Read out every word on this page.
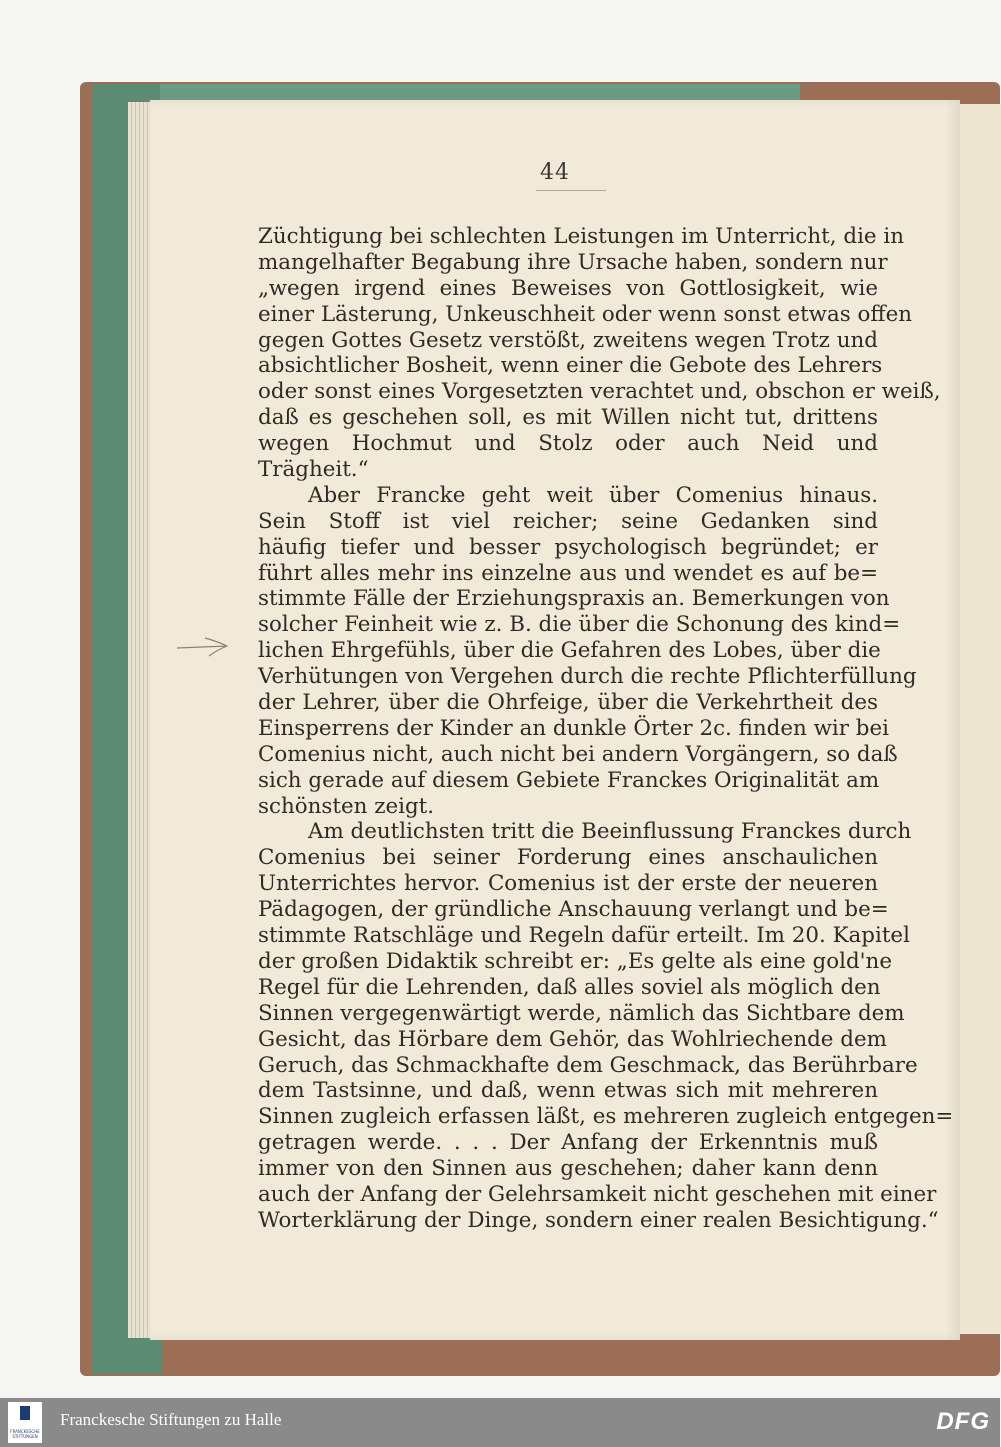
44
Züchtigung bei schlechten Leistungen im Unterricht, die in
mangelhafter Begabung ihre Ursache haben, sondern nur
„wegen irgend eines Beweises von Gottlosigkeit, wie
einer Lästerung, Unkeuschheit oder wenn sonst etwas offen
gegen Gottes Gesetz verstößt, zweitens wegen Trotz und
absichtlicher Bosheit, wenn einer die Gebote des Lehrers
oder sonst eines Vorgesetzten verachtet und, obschon er weiß,
daß es geschehen soll, es mit Willen nicht tut, drittens
wegen Hochmut und Stolz oder auch Neid und
Trägheit.“
Aber Francke geht weit über Comenius hinaus.
Sein Stoff ist viel reicher; seine Gedanken sind
häufig tiefer und besser psychologisch begründet; er
führt alles mehr ins einzelne aus und wendet es auf be=
stimmte Fälle der Erziehungspraxis an. Bemerkungen von
solcher Feinheit wie z. B. die über die Schonung des kind=
lichen Ehrgefühls, über die Gefahren des Lobes, über die
Verhütungen von Vergehen durch die rechte Pflichterfüllung
der Lehrer, über die Ohrfeige, über die Verkehrtheit des
Einsperrens der Kinder an dunkle Örter 2c. finden wir bei
Comenius nicht, auch nicht bei andern Vorgängern, so daß
sich gerade auf diesem Gebiete Franckes Originalität am
schönsten zeigt.
Am deutlichsten tritt die Beeinflussung Franckes durch
Comenius bei seiner Forderung eines anschaulichen
Unterrichtes hervor. Comenius ist der erste der neueren
Pädagogen, der gründliche Anschauung verlangt und be=
stimmte Ratschläge und Regeln dafür erteilt. Im 20. Kapitel
der großen Didaktik schreibt er: „Es gelte als eine gold'ne
Regel für die Lehrenden, daß alles soviel als möglich den
Sinnen vergegenwärtigt werde, nämlich das Sichtbare dem
Gesicht, das Hörbare dem Gehör, das Wohlriechende dem
Geruch, das Schmackhafte dem Geschmack, das Berührbare
dem Tastsinne, und daß, wenn etwas sich mit mehreren
Sinnen zugleich erfassen läßt, es mehreren zugleich entgegen=
getragen werde. . . . Der Anfang der Erkenntnis muß
immer von den Sinnen aus geschehen; daher kann denn
auch der Anfang der Gelehrsamkeit nicht geschehen mit einer
Worterklärung der Dinge, sondern einer realen Besichtigung.“
FRANCKESCHE STIFTUNGEN
Franckesche Stiftungen zu Halle	DFG
